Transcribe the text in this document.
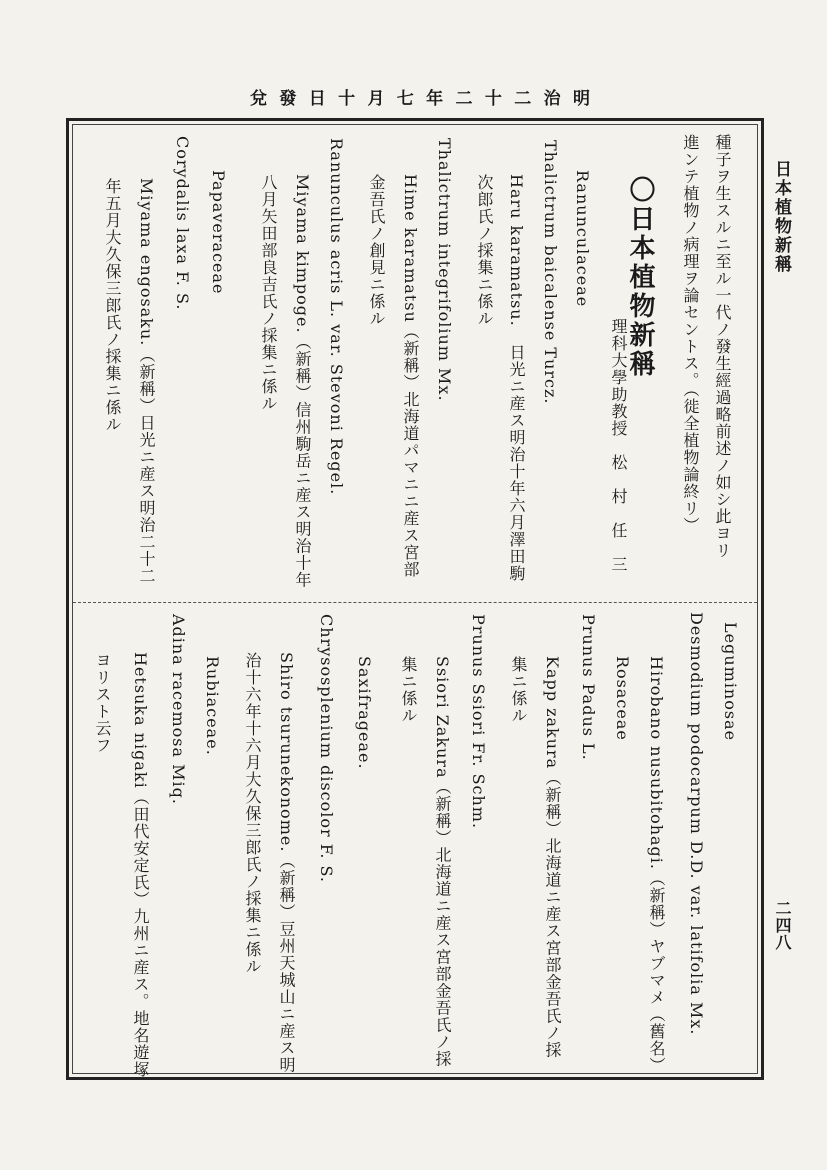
明
治
二
十
二
年
七
月
十
日
發
兌
日本植物新稱
二四八
種子ヲ生スルニ至ル一代ノ發生經過略前述ノ如シ此ヨリ
進ンテ植物ノ病理ヲ論セントス。（徙全植物論終リ）
〇日本植物新稱
理科大學助教授　松　村　任　三
Ranunculaceae
Thalictrum baicalense Turcz.
Haru karamatsu.　日光ニ産ス明治十年六月澤田駒
次郎氏ノ採集ニ係ル
Thalictrum integrifolium Mx.
Hime karamatsu（新稱）北海道パマニニ産ス宮部
金吾氏ノ創見ニ係ル
Ranunculus acris L. var. Stevoni Regel.
Miyama kimpoge.（新稱）信州駒岳ニ産ス明治十年
八月矢田部良吉氏ノ採集ニ係ル
Papaveraceae
Corydalis laxa F. S.
Miyama engosaku.（新稱）日光ニ産ス明治二十二
年五月大久保三郎氏ノ採集ニ係ル
Leguminosae
Desmodium podocarpum D.D. var. latifolia Mx.
Hirobano nusubitohagi.（新稱）ヤブマメ（舊名）
Rosaceae
Prunus Padus L.
Kapp zakura（新稱）北海道ニ産ス宮部金吾氏ノ採
集ニ係ル
Prunus Ssiori Fr. Schm.
Ssiori Zakura（新稱）北海道ニ産ス宮部金吾氏ノ採
集ニ係ル
Saxifrageae.
Chrysosplenium discolor F. S.
Shiro tsurunekonome.（新稱）豆州天城山ニ産ス明
治十六年十六月大久保三郎氏ノ採集ニ係ル
Rubiaceae.
Adina racemosa Miq.
Hetsuka nigaki（田代安定氏）九州ニ産ス。地名遊塚
ヨリスト云フ
